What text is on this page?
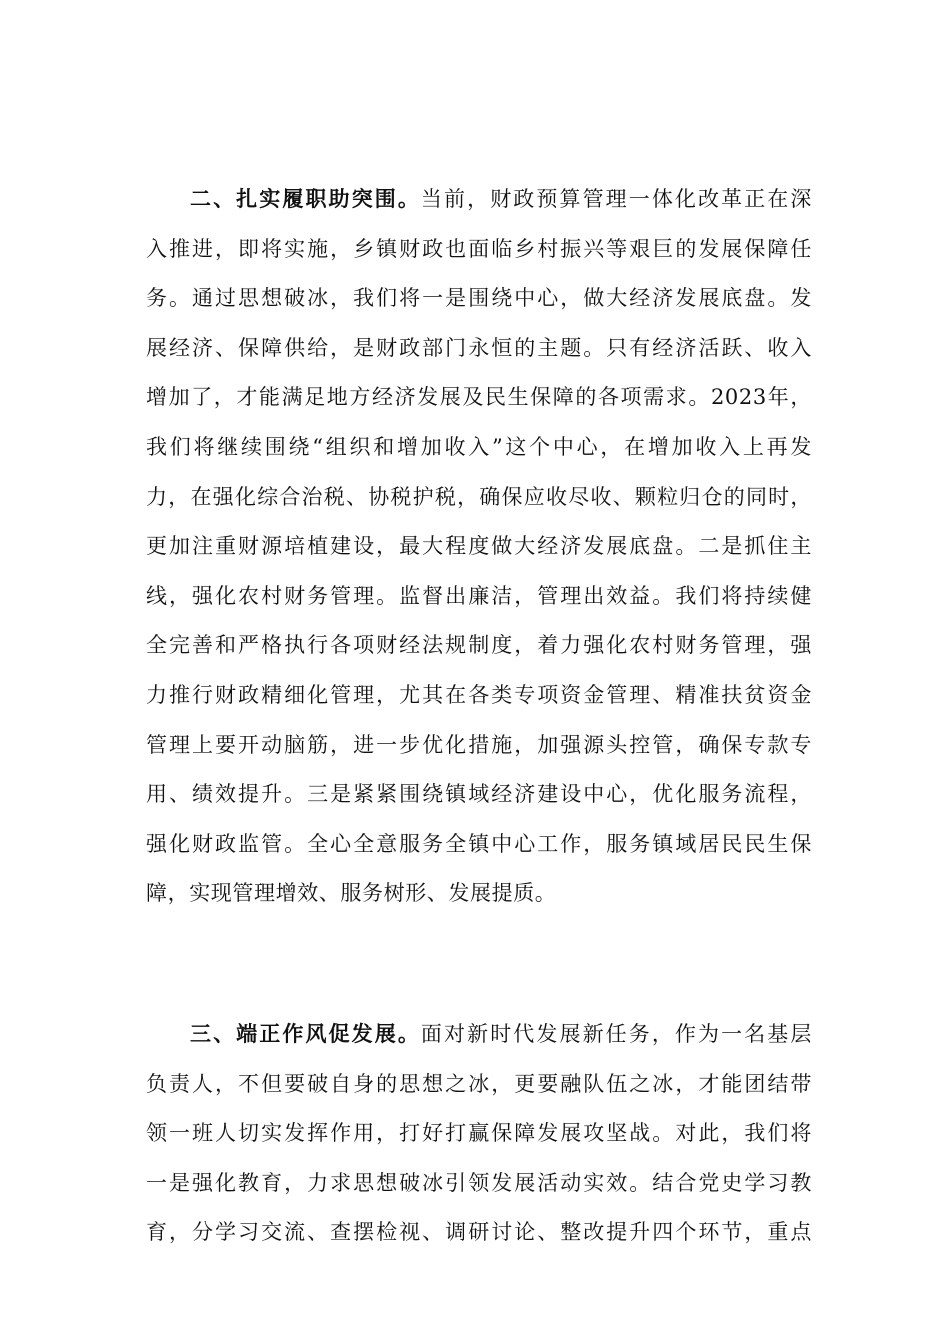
二、扎实履职助突围。当前，财政预算管理一体化改革正在深
入推进，即将实施，乡镇财政也面临乡村振兴等艰巨的发展保障任
务。通过思想破冰，我们将一是围绕中心，做大经济发展底盘。发
展经济、保障供给，是财政部门永恒的主题。只有经济活跃、收入
增加了，才能满足地方经济发展及民生保障的各项需求。2023年，
我们将继续围绕“组织和增加收入”这个中心，在增加收入上再发
力，在强化综合治税、协税护税，确保应收尽收、颗粒归仓的同时，
更加注重财源培植建设，最大程度做大经济发展底盘。二是抓住主
线，强化农村财务管理。监督出廉洁，管理出效益。我们将持续健
全完善和严格执行各项财经法规制度，着力强化农村财务管理，强
力推行财政精细化管理，尤其在各类专项资金管理、精准扶贫资金
管理上要开动脑筋，进一步优化措施，加强源头控管，确保专款专
用、绩效提升。三是紧紧围绕镇域经济建设中心，优化服务流程，
强化财政监管。全心全意服务全镇中心工作，服务镇域居民民生保
障，实现管理增效、服务树形、发展提质。
三、端正作风促发展。面对新时代发展新任务，作为一名基层
负责人，不但要破自身的思想之冰，更要融队伍之冰，才能团结带
领一班人切实发挥作用，打好打赢保障发展攻坚战。对此，我们将
一是强化教育，力求思想破冰引领发展活动实效。结合党史学习教
育，分学习交流、查摆检视、调研讨论、整改提升四个环节，重点
